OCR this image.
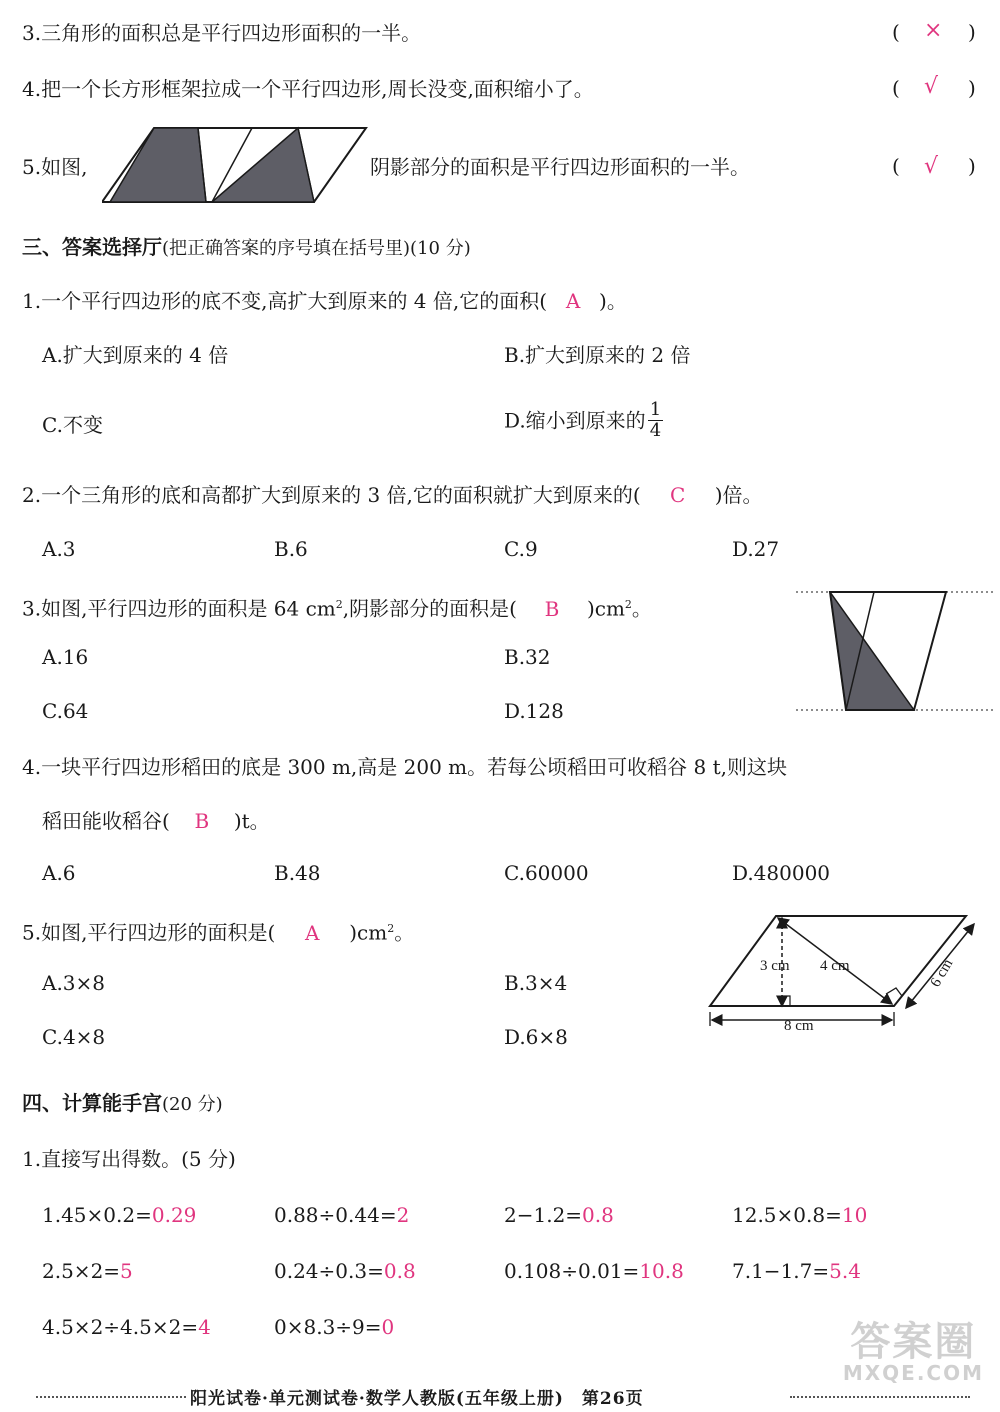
3.三角形的面积总是平行四边形面积的一半。	( × )
4.把一个长方形框架拉成一个平行四边形,周长没变,面积缩小了。	( √ )
5.如图,	阴影部分的面积是平行四边形面积的一半。	( √ )
三、答案选择厅(把正确答案的序号填在括号里)(10 分)
1.一个平行四边形的底不变,高扩大到原来的 4 倍,它的面积( A )。
A.扩大到原来的 4 倍	B.扩大到原来的 2 倍
C.不变	D.缩小到原来的 $\frac{1}{4}$
2.一个三角形的底和高都扩大到原来的 3 倍,它的面积就扩大到原来的( C )倍。
A.3	B.6	C.9	D.27
3.如图,平行四边形的面积是 64 $cm^2$,阴影部分的面积是( B )$cm^2$。
A.16	B.32
C.64	D.128
4.一块平行四边形稻田的底是 300 m,高是 200 m。若每公顷稻田可收稻谷 8 t,则这块
稻田能收稻谷( B )t。
A.6	B.48	C.60000	D.480000
5.如图,平行四边形的面积是( A )$cm^2$。
3 cm 4 cm	6 cm
8 cm
A.3×8	B.3×4
C.4×8	D.6×8
四、计算能手宫(20 分)
1.直接写出得数。(5 分)
1.45×0.2=0.29	0.88÷0.44=2	2−1.2=0.8	12.5×0.8=10
2.5×2=5	0.24÷0.3=0.8	0.108÷0.01=10.8 7.1−1.7=5.4
4.5×2÷4.5×2=4	0×8.3÷9=0	答案圈
MXQE.COM
阳光试卷·单元测试卷·数学人教版(五年级上册)　第26页
